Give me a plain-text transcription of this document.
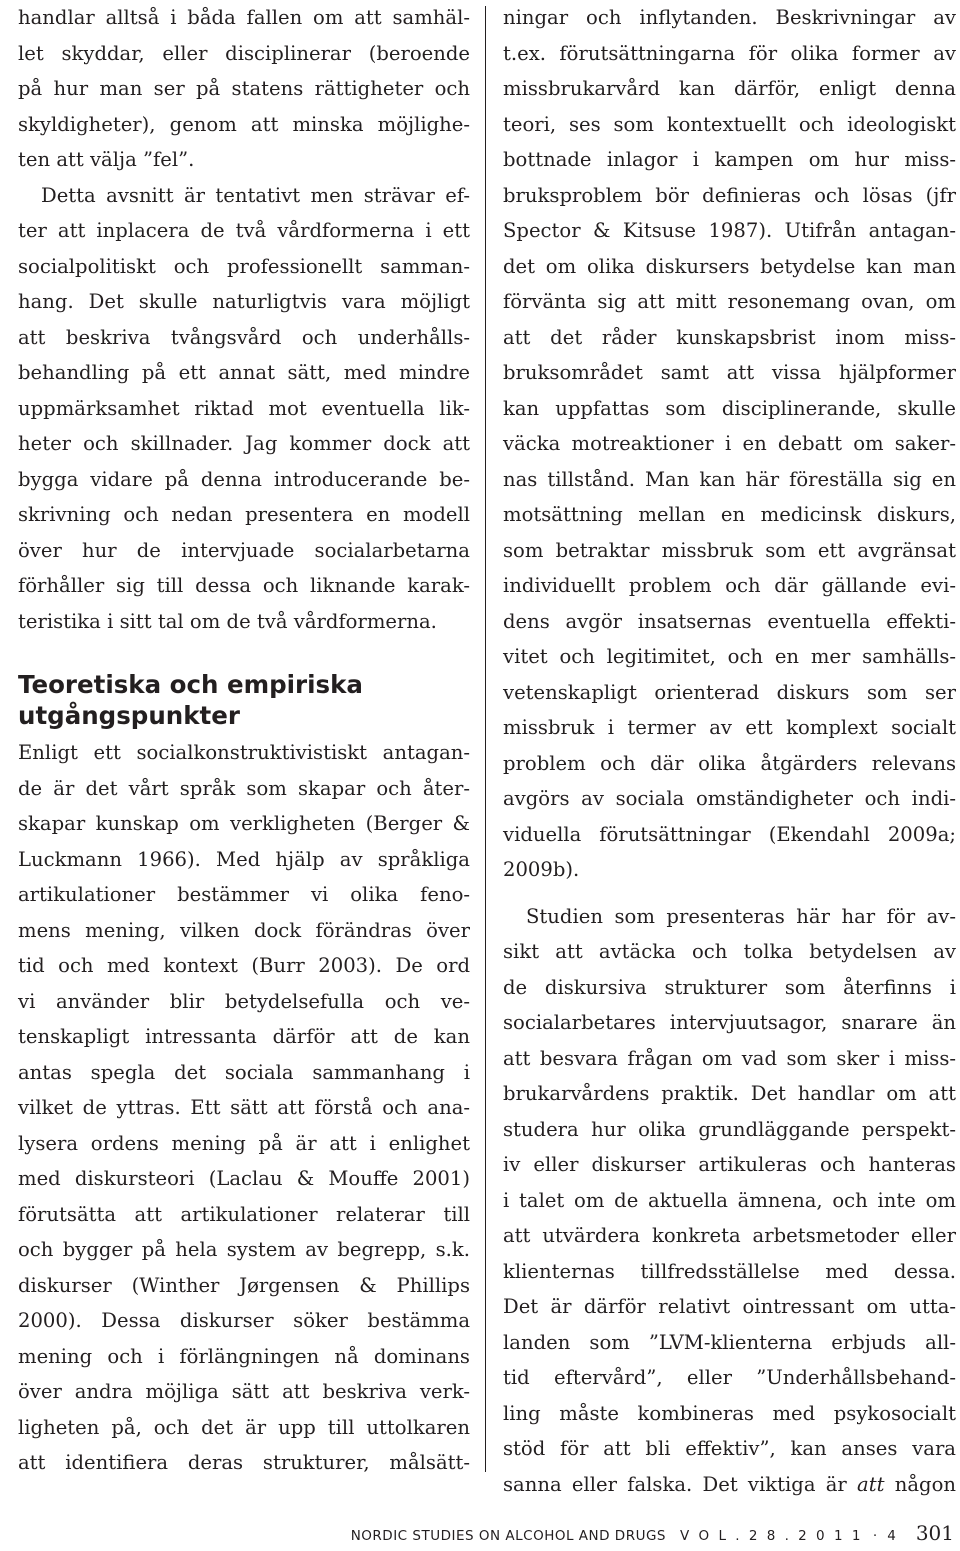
handlar alltså i båda fallen om att samhäl-
let skyddar, eller disciplinerar (beroende
på hur man ser på statens rättigheter och
skyldigheter), genom att minska möjlighe-
ten att välja ”fel”.
Detta avsnitt är tentativt men strävar ef-
ter att inplacera de två vårdformerna i ett
socialpolitiskt och professionellt samman-
hang. Det skulle naturligtvis vara möjligt
att beskriva tvångsvård och underhålls-
behandling på ett annat sätt, med mindre
uppmärksamhet riktad mot eventuella lik-
heter och skillnader. Jag kommer dock att
bygga vidare på denna introducerande be-
skrivning och nedan presentera en modell
över hur de intervjuade socialarbetarna
förhåller sig till dessa och liknande karak-
teristika i sitt tal om de två vårdformerna.
Teoretiska och empiriska
utgångspunkter
Enligt ett socialkonstruktivistiskt antagan-
de är det vårt språk som skapar och åter-
skapar kunskap om verkligheten (Berger &
Luckmann 1966). Med hjälp av språkliga
artikulationer bestämmer vi olika feno-
mens mening, vilken dock förändras över
tid och med kontext (Burr 2003). De ord
vi använder blir betydelsefulla och ve-
tenskapligt intressanta därför att de kan
antas spegla det sociala sammanhang i
vilket de yttras. Ett sätt att förstå och ana-
lysera ordens mening på är att i enlighet
med diskursteori (Laclau & Mouffe 2001)
förutsätta att artikulationer relaterar till
och bygger på hela system av begrepp, s.k.
diskurser (Winther Jørgensen & Phillips
2000). Dessa diskurser söker bestämma
mening och i förlängningen nå dominans
över andra möjliga sätt att beskriva verk-
ligheten på, och det är upp till uttolkaren
att identifiera deras strukturer, målsätt-
ningar och inflytanden. Beskrivningar av
t.ex. förutsättningarna för olika former av
missbrukarvård kan därför, enligt denna
teori, ses som kontextuellt och ideologiskt
bottnade inlagor i kampen om hur miss-
bruksproblem bör definieras och lösas (jfr
Spector & Kitsuse 1987). Utifrån antagan-
det om olika diskursers betydelse kan man
förvänta sig att mitt resonemang ovan, om
att det råder kunskapsbrist inom miss-
bruksområdet samt att vissa hjälpformer
kan uppfattas som disciplinerande, skulle
väcka motreaktioner i en debatt om saker-
nas tillstånd. Man kan här föreställa sig en
motsättning mellan en medicinsk diskurs,
som betraktar missbruk som ett avgränsat
individuellt problem och där gällande evi-
dens avgör insatsernas eventuella effekti-
vitet och legitimitet, och en mer samhälls-
vetenskapligt orienterad diskurs som ser
missbruk i termer av ett komplext socialt
problem och där olika åtgärders relevans
avgörs av sociala omständigheter och indi-
viduella förutsättningar (Ekendahl 2009a;
2009b).
Studien som presenteras här har för av-
sikt att avtäcka och tolka betydelsen av
de diskursiva strukturer som återfinns i
socialarbetares intervjuutsagor, snarare än
att besvara frågan om vad som sker i miss-
brukarvårdens praktik. Det handlar om att
studera hur olika grundläggande perspekt-
iv eller diskurser artikuleras och hanteras
i talet om de aktuella ämnena, och inte om
att utvärdera konkreta arbetsmetoder eller
klienternas tillfredsställelse med dessa.
Det är därför relativt ointressant om utta-
landen som ”LVM-klienterna erbjuds all-
tid eftervård”, eller ”Underhållsbehand-
ling måste kombineras med psykosocialt
stöd för att bli effektiv”, kan anses vara
sanna eller falska. Det viktiga är att någon
NORDIC STUDIES ON ALCOHOL AND DRUGS V O L . 2 8 . 2 0 1 1 · 4 301
